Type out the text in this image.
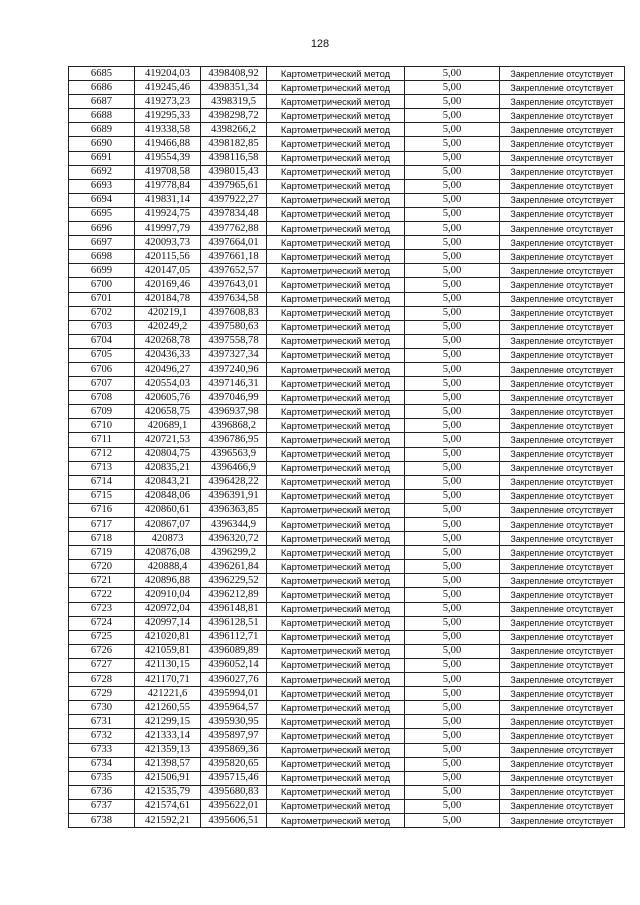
128
6685	419204,03	4398408,92	Картометрический метод	5,00	Закрепление отсутствует
6686	419245,46	4398351,34	Картометрический метод	5,00	Закрепление отсутствует
6687	419273,23	4398319,5	Картометрический метод	5,00	Закрепление отсутствует
6688	419295,33	4398298,72	Картометрический метод	5,00	Закрепление отсутствует
6689	419338,58	4398266,2	Картометрический метод	5,00	Закрепление отсутствует
6690	419466,88	4398182,85	Картометрический метод	5,00	Закрепление отсутствует
6691	419554,39	4398116,58	Картометрический метод	5,00	Закрепление отсутствует
6692	419708,58	4398015,43	Картометрический метод	5,00	Закрепление отсутствует
6693	419778,84	4397965,61	Картометрический метод	5,00	Закрепление отсутствует
6694	419831,14	4397922,27	Картометрический метод	5,00	Закрепление отсутствует
6695	419924,75	4397834,48	Картометрический метод	5,00	Закрепление отсутствует
6696	419997,79	4397762,88	Картометрический метод	5,00	Закрепление отсутствует
6697	420093,73	4397664,01	Картометрический метод	5,00	Закрепление отсутствует
6698	420115,56	4397661,18	Картометрический метод	5,00	Закрепление отсутствует
6699	420147,05	4397652,57	Картометрический метод	5,00	Закрепление отсутствует
6700	420169,46	4397643,01	Картометрический метод	5,00	Закрепление отсутствует
6701	420184,78	4397634,58	Картометрический метод	5,00	Закрепление отсутствует
6702	420219,1	4397608,83	Картометрический метод	5,00	Закрепление отсутствует
6703	420249,2	4397580,63	Картометрический метод	5,00	Закрепление отсутствует
6704	420268,78	4397558,78	Картометрический метод	5,00	Закрепление отсутствует
6705	420436,33	4397327,34	Картометрический метод	5,00	Закрепление отсутствует
6706	420496,27	4397240,96	Картометрический метод	5,00	Закрепление отсутствует
6707	420554,03	4397146,31	Картометрический метод	5,00	Закрепление отсутствует
6708	420605,76	4397046,99	Картометрический метод	5,00	Закрепление отсутствует
6709	420658,75	4396937,98	Картометрический метод	5,00	Закрепление отсутствует
6710	420689,1	4396868,2	Картометрический метод	5,00	Закрепление отсутствует
6711	420721,53	4396786,95	Картометрический метод	5,00	Закрепление отсутствует
6712	420804,75	4396563,9	Картометрический метод	5,00	Закрепление отсутствует
6713	420835,21	4396466,9	Картометрический метод	5,00	Закрепление отсутствует
6714	420843,21	4396428,22	Картометрический метод	5,00	Закрепление отсутствует
6715	420848,06	4396391,91	Картометрический метод	5,00	Закрепление отсутствует
6716	420860,61	4396363,85	Картометрический метод	5,00	Закрепление отсутствует
6717	420867,07	4396344,9	Картометрический метод	5,00	Закрепление отсутствует
6718	420873	4396320,72	Картометрический метод	5,00	Закрепление отсутствует
6719	420876,08	4396299,2	Картометрический метод	5,00	Закрепление отсутствует
6720	420888,4	4396261,84	Картометрический метод	5,00	Закрепление отсутствует
6721	420896,88	4396229,52	Картометрический метод	5,00	Закрепление отсутствует
6722	420910,04	4396212,89	Картометрический метод	5,00	Закрепление отсутствует
6723	420972,04	4396148,81	Картометрический метод	5,00	Закрепление отсутствует
6724	420997,14	4396128,51	Картометрический метод	5,00	Закрепление отсутствует
6725	421020,81	4396112,71	Картометрический метод	5,00	Закрепление отсутствует
6726	421059,81	4396089,89	Картометрический метод	5,00	Закрепление отсутствует
6727	421130,15	4396052,14	Картометрический метод	5,00	Закрепление отсутствует
6728	421170,71	4396027,76	Картометрический метод	5,00	Закрепление отсутствует
6729	421221,6	4395994,01	Картометрический метод	5,00	Закрепление отсутствует
6730	421260,55	4395964,57	Картометрический метод	5,00	Закрепление отсутствует
6731	421299,15	4395930,95	Картометрический метод	5,00	Закрепление отсутствует
6732	421333,14	4395897,97	Картометрический метод	5,00	Закрепление отсутствует
6733	421359,13	4395869,36	Картометрический метод	5,00	Закрепление отсутствует
6734	421398,57	4395820,65	Картометрический метод	5,00	Закрепление отсутствует
6735	421506,91	4395715,46	Картометрический метод	5,00	Закрепление отсутствует
6736	421535,79	4395680,83	Картометрический метод	5,00	Закрепление отсутствует
6737	421574,61	4395622,01	Картометрический метод	5,00	Закрепление отсутствует
6738	421592,21	4395606,51	Картометрический метод	5,00	Закрепление отсутствует
